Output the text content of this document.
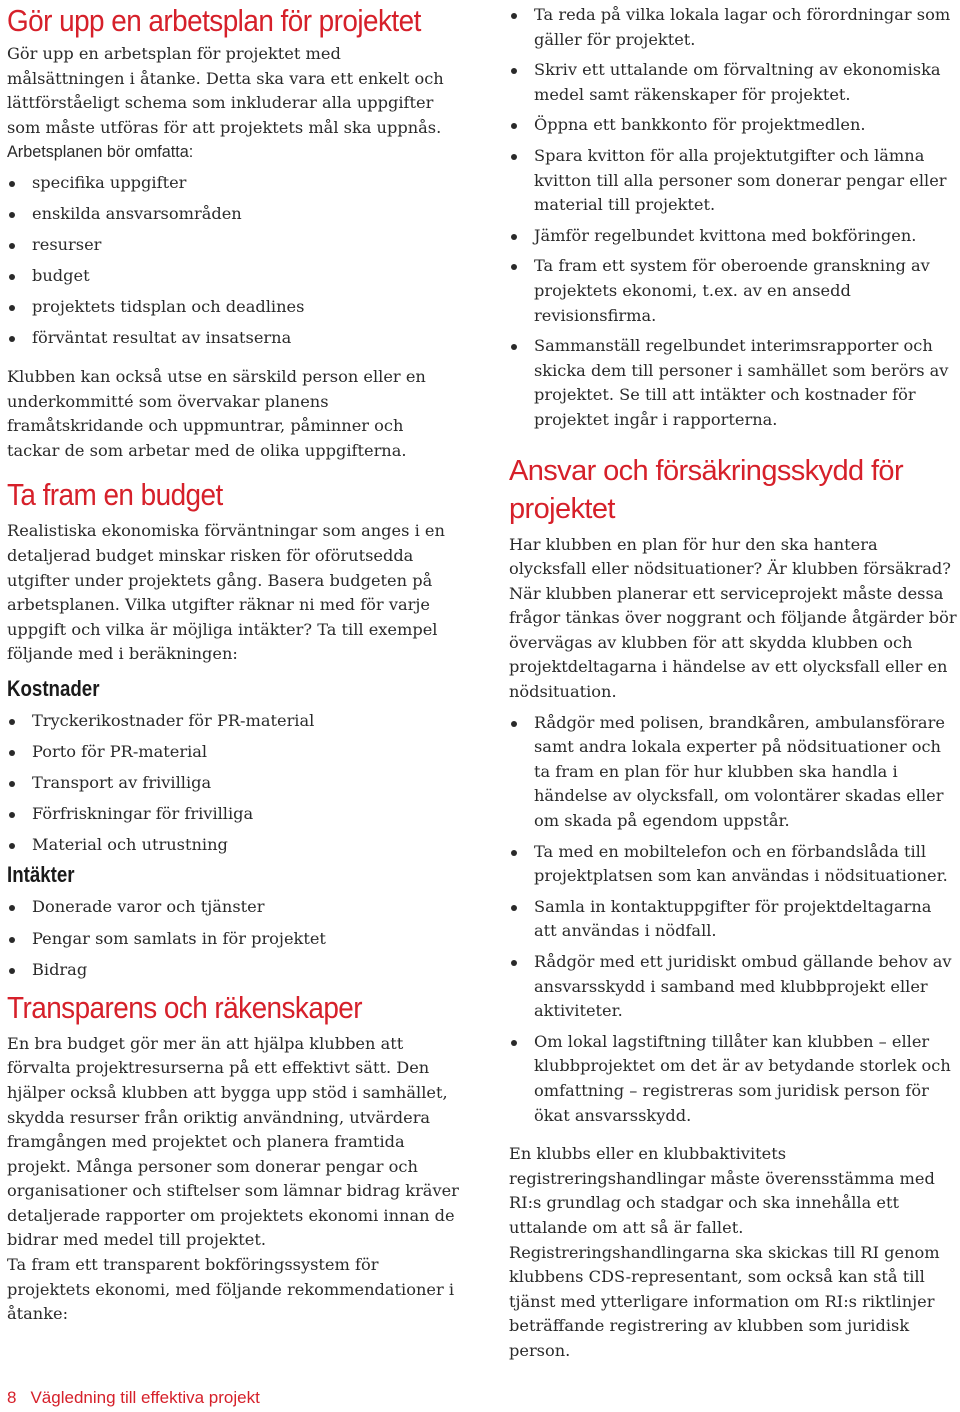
Gör upp en arbetsplan för projektet

Gör upp en arbetsplan för projektet med målsättningen i åtanke. Detta ska vara ett enkelt och lättförståeligt schema som inkluderar alla uppgifter som måste utföras för att projektets mål ska uppnås. Arbetsplanen bör omfatta:

specifika uppgifter
enskilda ansvarsområden
resurser
budget
projektets tidsplan och deadlines
förväntat resultat av insatserna

Klubben kan också utse en särskild person eller en underkommitté som övervakar planens framåtskridande och uppmuntrar, påminner och tackar de som arbetar med de olika uppgifterna.

Ta fram en budget

Realistiska ekonomiska förväntningar som anges i en detaljerad budget minskar risken för oförutsedda utgifter under projektets gång. Basera budgeten på arbetsplanen. Vilka utgifter räknar ni med för varje uppgift och vilka är möjliga intäkter? Ta till exempel följande med i beräkningen:

Kostnader
Tryckerikostnader för PR-material
Porto för PR-material
Transport av frivilliga
Förfriskningar för frivilliga
Material och utrustning
Intäkter
Donerade varor och tjänster
Pengar som samlats in för projektet
Bidrag
Transparens och räkenskaper

En bra budget gör mer än att hjälpa klubben att förvalta projektresurserna på ett effektivt sätt. Den hjälper också klubben att bygga upp stöd i samhället, skydda resurser från oriktig användning, utvärdera framgången med projektet och planera framtida projekt. Många personer som donerar pengar och organisationer och stiftelser som lämnar bidrag kräver detaljerade rapporter om projektets ekonomi innan de bidrar med medel till projektet.

Ta fram ett transparent bokföringssystem för projektets ekonomi, med följande rekommendationer i åtanke:

Ta reda på vilka lokala lagar och förordningar som gäller för projektet.
Skriv ett uttalande om förvaltning av ekonomiska medel samt räkenskaper för projektet.
Öppna ett bankkonto för projektmedlen.
Spara kvitton för alla projektutgifter och lämna kvitton till alla personer som donerar pengar eller material till projektet.
Jämför regelbundet kvittona med bokföringen.
Ta fram ett system för oberoende granskning av projektets ekonomi, t.ex. av en ansedd revisionsfirma.
Sammanställ regelbundet interimsrapporter och skicka dem till personer i samhället som berörs av projektet. Se till att intäkter och kostnader för projektet ingår i rapporterna.
Ansvar och försäkringsskydd för projektet

Har klubben en plan för hur den ska hantera olycksfall eller nödsituationer? Är klubben försäkrad? När klubben planerar ett serviceprojekt måste dessa frågor tänkas över noggrant och följande åtgärder bör övervägas av klubben för att skydda klubben och projektdeltagarna i händelse av ett olycksfall eller en nödsituation.

Rådgör med polisen, brandkåren, ambulansförare samt andra lokala experter på nödsituationer och ta fram en plan för hur klubben ska handla i händelse av olycksfall, om volontärer skadas eller om skada på egendom uppstår.
Ta med en mobiltelefon och en förbandslåda till projektplatsen som kan användas i nödsituationer.
Samla in kontaktuppgifter för projektdeltagarna att användas i nödfall.
Rådgör med ett juridiskt ombud gällande behov av ansvarsskydd i samband med klubbprojekt eller aktiviteter.
Om lokal lagstiftning tillåter kan klubben – eller klubbprojektet om det är av betydande storlek och omfattning – registreras som juridisk person för ökat ansvarsskydd.

En klubbs eller en klubbaktivitets registreringshandlingar måste överensstämma med RI:s grundlag och stadgar och ska innehålla ett uttalande om att så är fallet. Registreringshandlingarna ska skickas till RI genom klubbens CDS-representant, som också kan stå till tjänst med ytterligare information om RI:s riktlinjer beträffande registrering av klubben som juridisk person.

8 Vägledning till effektiva projekt
